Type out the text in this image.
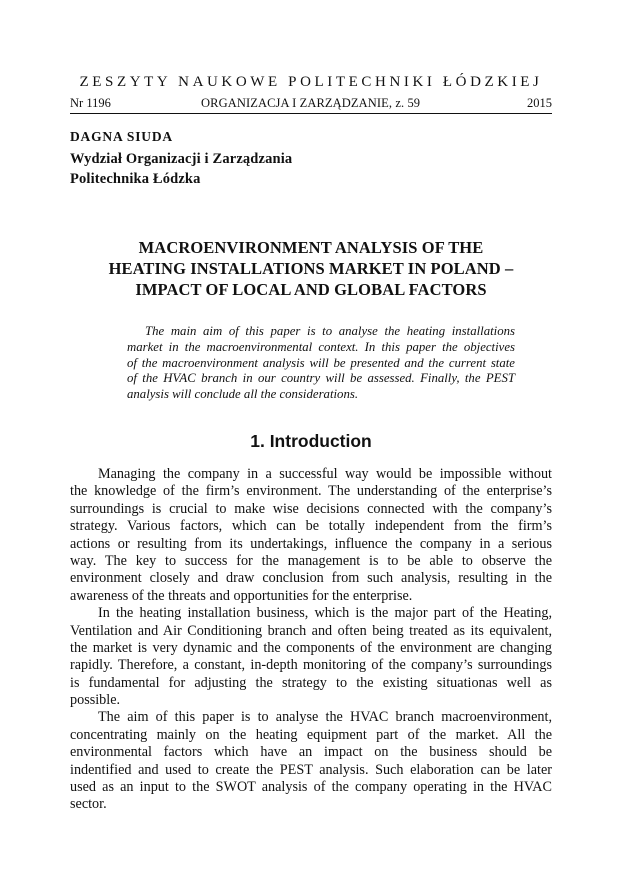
ZESZYTY NAUKOWE POLITECHNIKI ŁÓDZKIEJ
Nr 1196	ORGANIZACJA I ZARZĄDZANIE, z. 59	2015
DAGNA SIUDA
Wydział Organizacji i Zarządzania
Politechnika Łódzka
MACROENVIRONMENT ANALYSIS OF THE
HEATING INSTALLATIONS MARKET IN POLAND –
IMPACT OF LOCAL AND GLOBAL FACTORS
The main aim of this paper is to analyse the heating installations
market in the macroenvironmental context. In this paper the objectives
of the macroenvironment analysis will be presented and the current state
of the HVAC branch in our country will be assessed. Finally, the PEST
analysis will conclude all the considerations.
1. Introduction
Managing the company in a successful way would be impossible without
the knowledge of the firm’s environment. The understanding of the enterprise’s
surroundings is crucial to make wise decisions connected with the company’s
strategy. Various factors, which can be totally independent from the firm’s
actions or resulting from its undertakings, influence the company in a serious
way. The key to success for the management is to be able to observe the
environment closely and draw conclusion from such analysis, resulting in the
awareness of the threats and opportunities for the enterprise.
In the heating installation business, which is the major part of the Heating,
Ventilation and Air Conditioning branch and often being treated as its equivalent,
the market is very dynamic and the components of the environment are changing
rapidly. Therefore, a constant, in-depth monitoring of the company’s surroundings
is fundamental for adjusting the strategy to the existing situationas well as
possible.
The aim of this paper is to analyse the HVAC branch macroenvironment,
concentrating mainly on the heating equipment part of the market. All the
environmental factors which have an impact on the business should be
indentified and used to create the PEST analysis. Such elaboration can be later
used as an input to the SWOT analysis of the company operating in the HVAC
sector.
